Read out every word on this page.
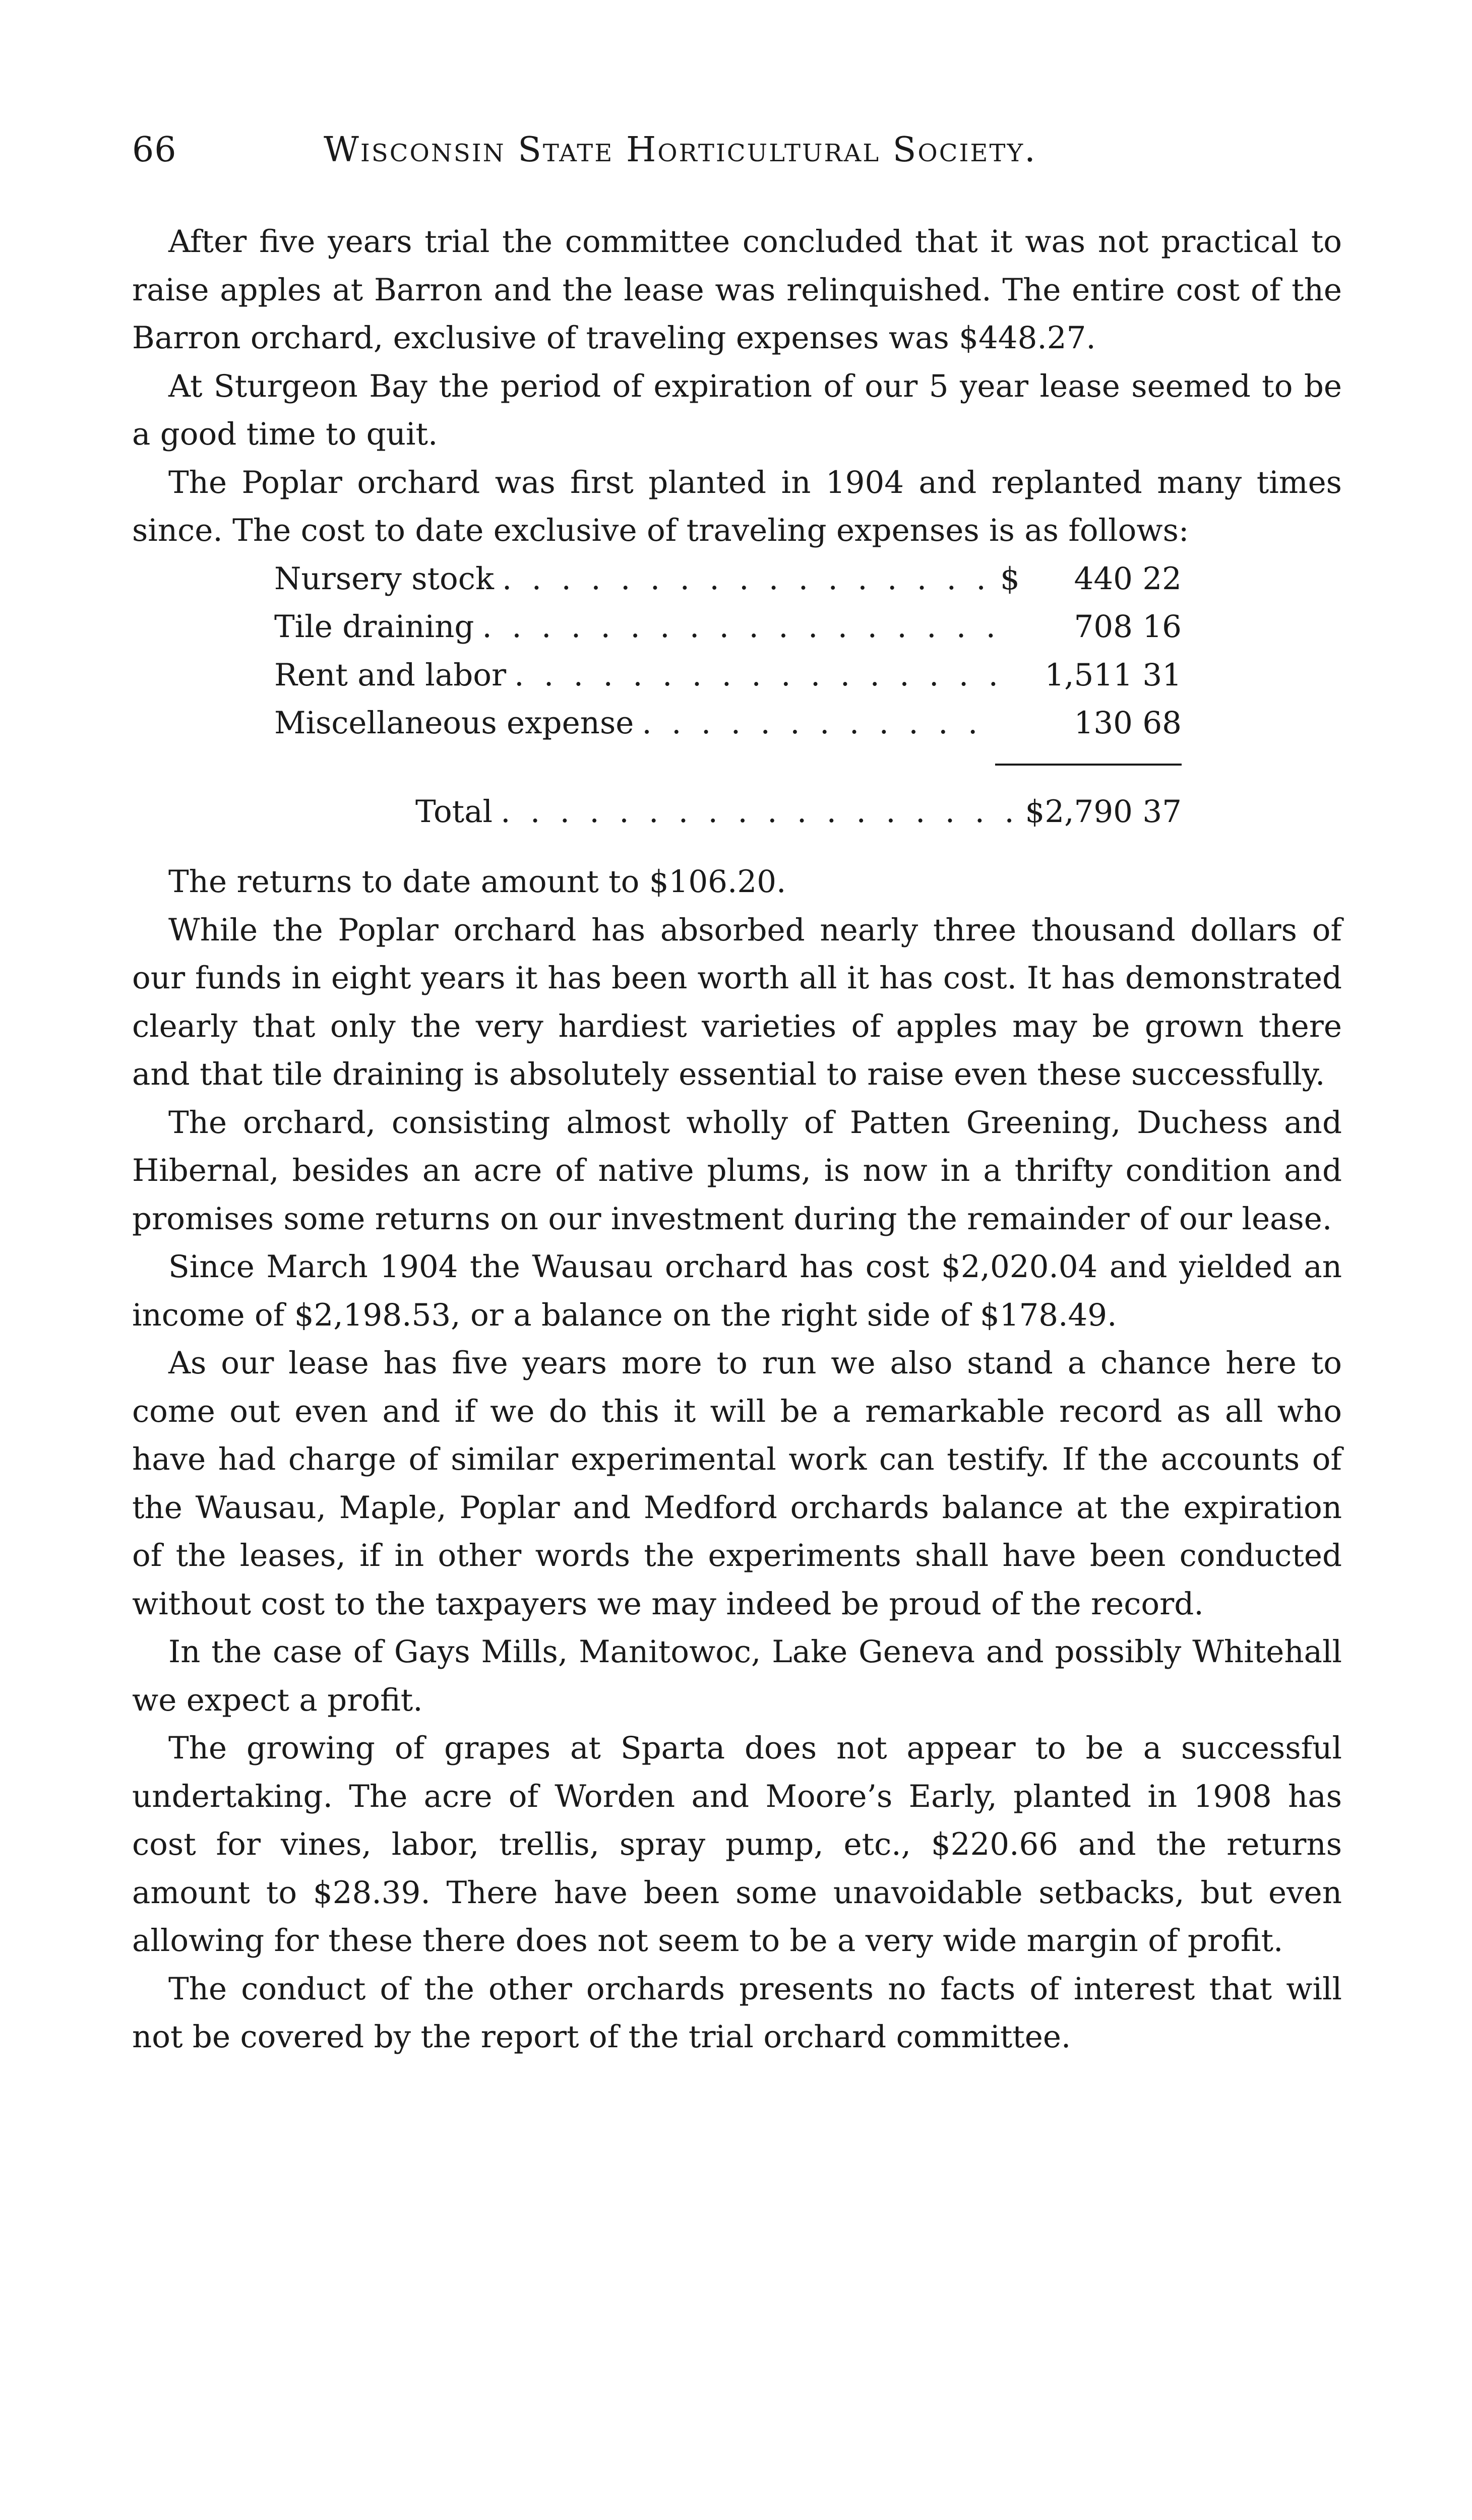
66	Wisconsin State Horticultural Society.

After five years trial the committee concluded that it was not practical to raise apples at Barron and the lease was relinquished. The entire cost of the Barron orchard, exclusive of traveling expenses was $448.27.

At Sturgeon Bay the period of expiration of our 5 year lease seemed to be a good time to quit.

The Poplar orchard was first planted in 1904 and replanted many times since. The cost to date exclusive of traveling expenses is as follows:

Nursery stock . . .	$	440 22
Tile draining . . .	708 16
Rent and labor . . .	1,511 31
Miscellaneous expense . . .	130 68
Total . . .	$2,790 37

The returns to date amount to $106.20.

While the Poplar orchard has absorbed nearly three thousand dollars of our funds in eight years it has been worth all it has cost. It has demonstrated clearly that only the very hardiest varieties of apples may be grown there and that tile draining is absolutely essential to raise even these successfully.

The orchard, consisting almost wholly of Patten Greening, Duchess and Hibernal, besides an acre of native plums, is now in a thrifty condition and promises some returns on our investment during the remainder of our lease.

Since March 1904 the Wausau orchard has cost $2,020.04 and yielded an income of $2,198.53, or a balance on the right side of $178.49.

As our lease has five years more to run we also stand a chance here to come out even and if we do this it will be a remarkable record as all who have had charge of similar experimental work can testify. If the accounts of the Wausau, Maple, Poplar and Medford orchards balance at the expiration of the leases, if in other words the experiments shall have been conducted without cost to the taxpayers we may indeed be proud of the record.

In the case of Gays Mills, Manitowoc, Lake Geneva and possibly Whitehall we expect a profit.

The growing of grapes at Sparta does not appear to be a successful undertaking. The acre of Worden and Moore’s Early, planted in 1908 has cost for vines, labor, trellis, spray pump, etc., $220.66 and the returns amount to $28.39. There have been some unavoidable setbacks, but even allowing for these there does not seem to be a very wide margin of profit.

The conduct of the other orchards presents no facts of interest that will not be covered by the report of the trial orchard committee.
